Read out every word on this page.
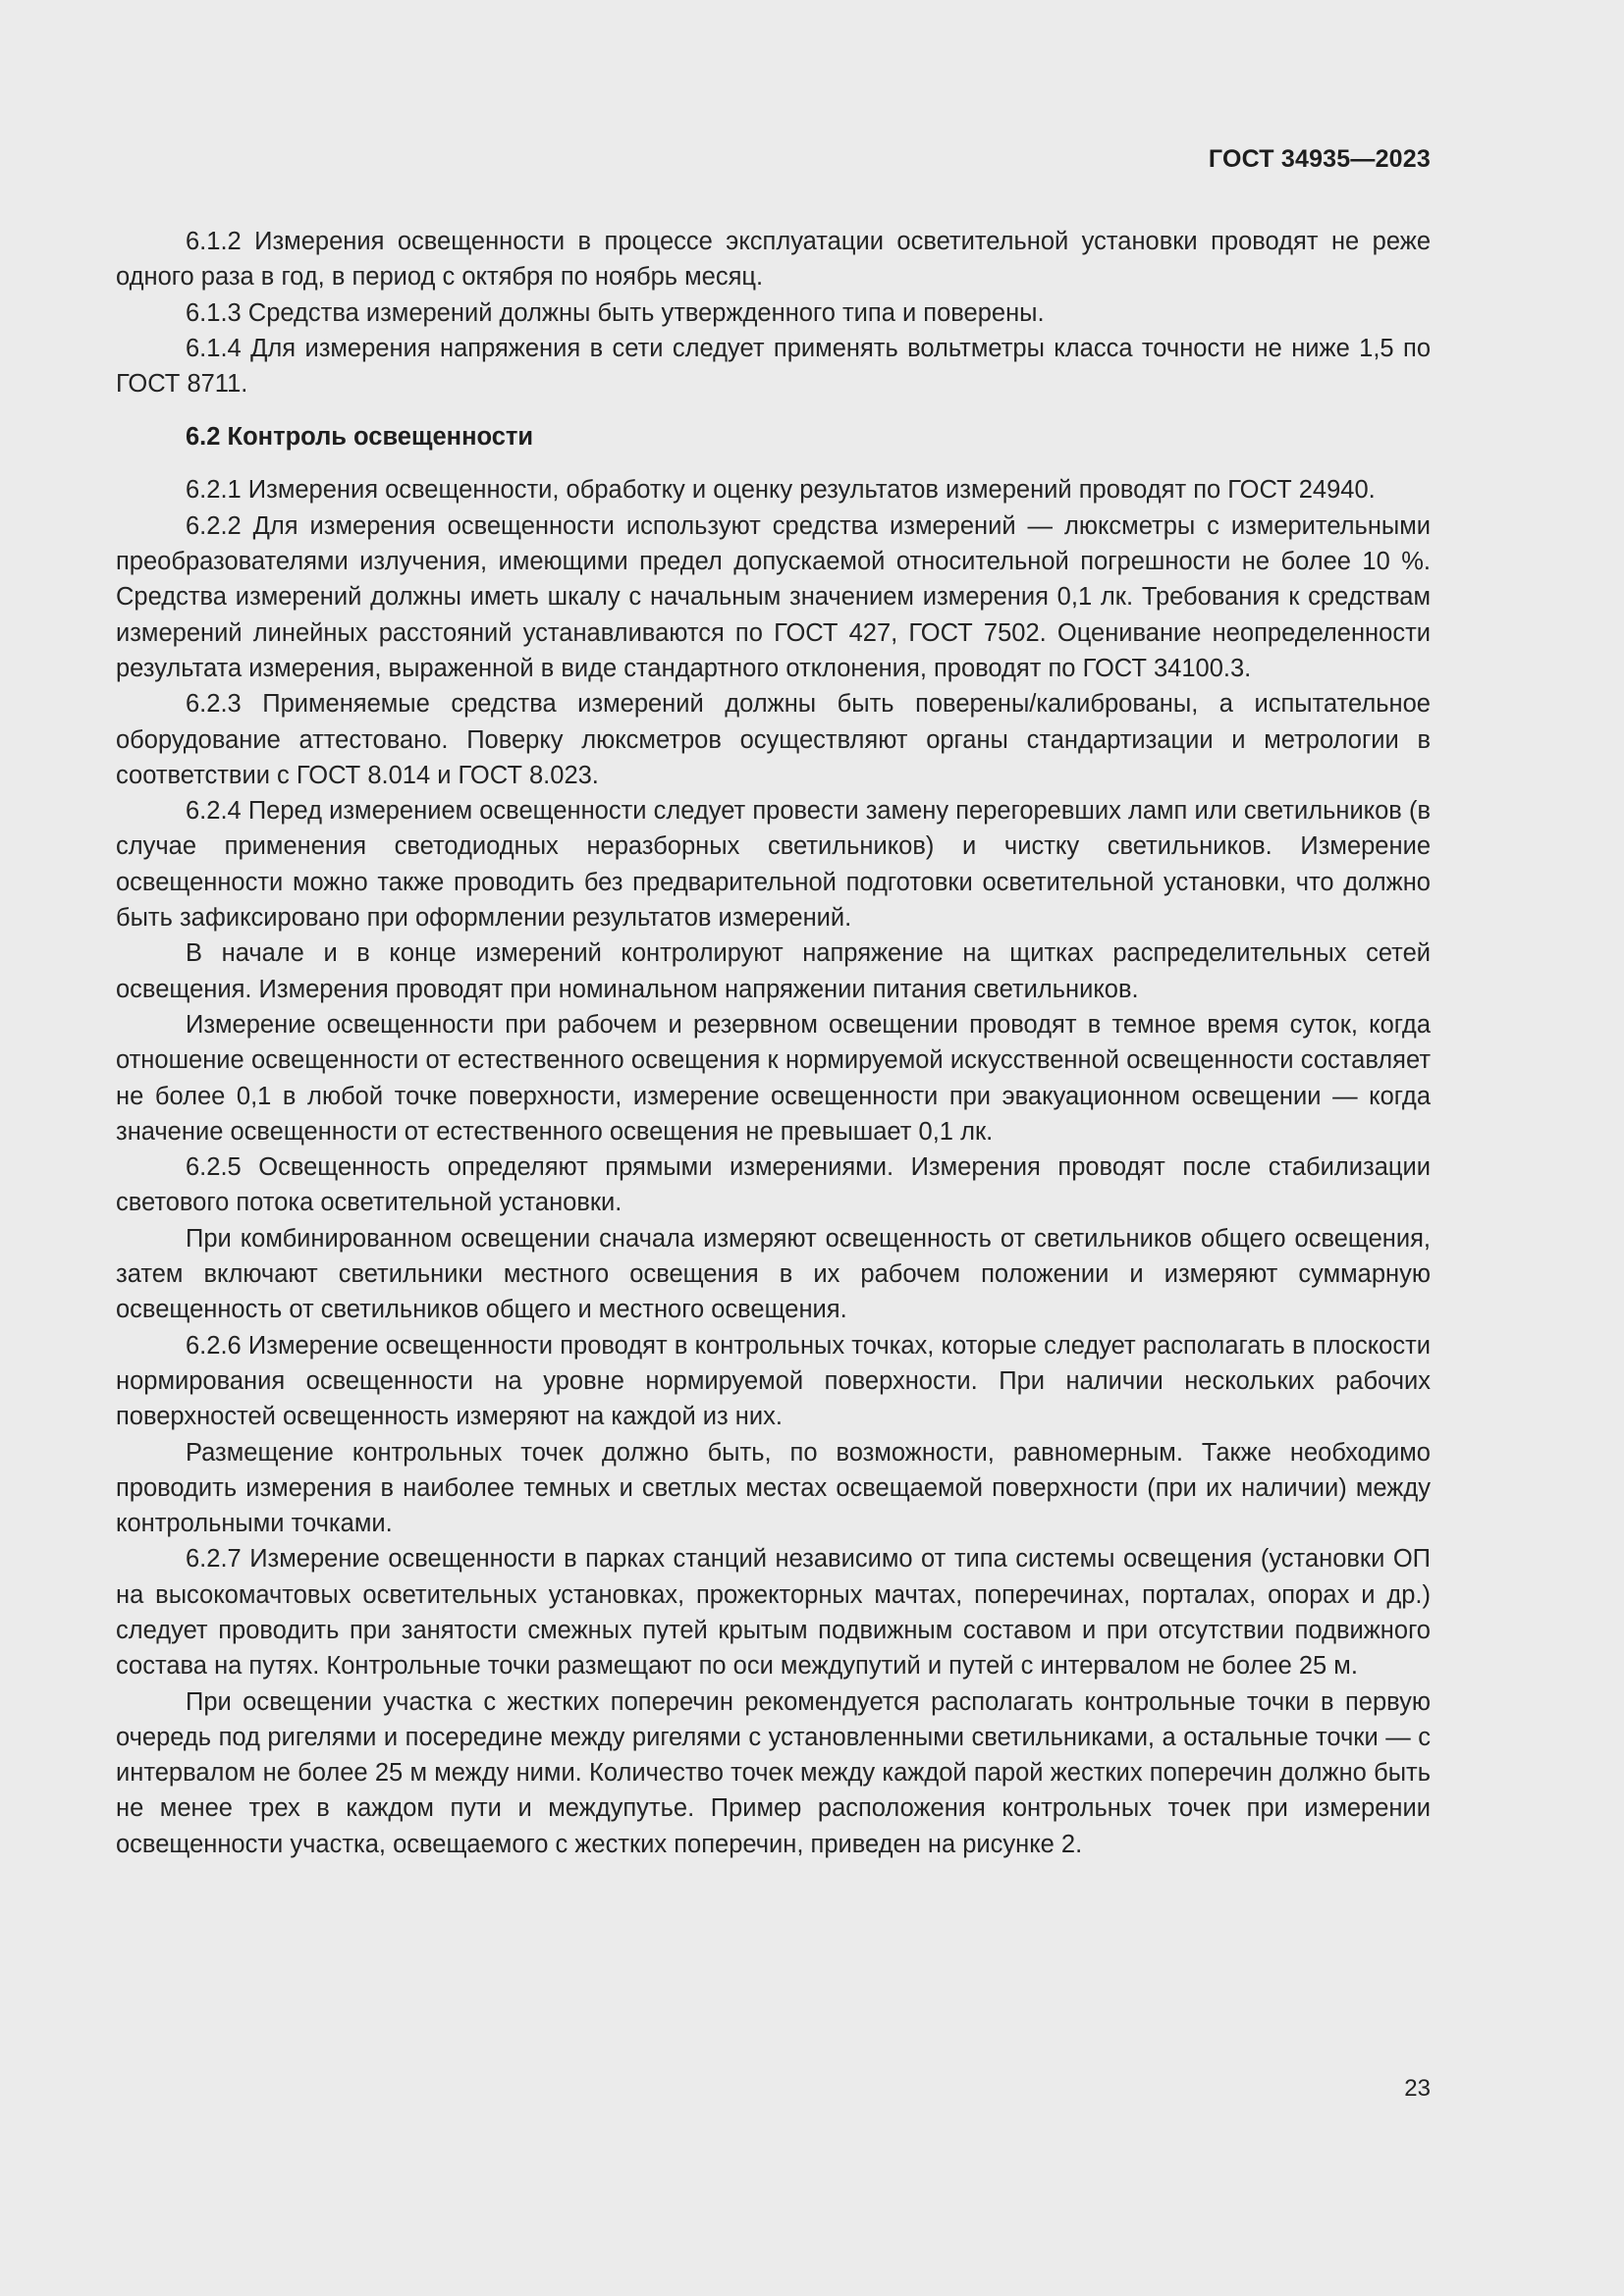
ГОСТ 34935—2023

6.1.2 Измерения освещенности в процессе эксплуатации осветительной установки проводят не реже одного раза в год, в период с октября по ноябрь месяц.

6.1.3 Средства измерений должны быть утвержденного типа и поверены.

6.1.4 Для измерения напряжения в сети следует применять вольтметры класса точности не ниже 1,5 по ГОСТ 8711.

6.2 Контроль освещенности

6.2.1 Измерения освещенности, обработку и оценку результатов измерений проводят по ГОСТ 24940.

6.2.2 Для измерения освещенности используют средства измерений — люксметры с измерительными преобразователями излучения, имеющими предел допускаемой относительной погрешности не более 10 %. Средства измерений должны иметь шкалу с начальным значением измерения 0,1 лк. Требования к средствам измерений линейных расстояний устанавливаются по ГОСТ 427, ГОСТ 7502. Оценивание неопределенности результата измерения, выраженной в виде стандартного отклонения, проводят по ГОСТ 34100.3.

6.2.3 Применяемые средства измерений должны быть поверены/калиброваны, а испытательное оборудование аттестовано. Поверку люксметров осуществляют органы стандартизации и метрологии в соответствии с ГОСТ 8.014 и ГОСТ 8.023.

6.2.4 Перед измерением освещенности следует провести замену перегоревших ламп или светильников (в случае применения светодиодных неразборных светильников) и чистку светильников. Измерение освещенности можно также проводить без предварительной подготовки осветительной установки, что должно быть зафиксировано при оформлении результатов измерений.

В начале и в конце измерений контролируют напряжение на щитках распределительных сетей освещения. Измерения проводят при номинальном напряжении питания светильников.

Измерение освещенности при рабочем и резервном освещении проводят в темное время суток, когда отношение освещенности от естественного освещения к нормируемой искусственной освещенности составляет не более 0,1 в любой точке поверхности, измерение освещенности при эвакуационном освещении — когда значение освещенности от естественного освещения не превышает 0,1 лк.

6.2.5 Освещенность определяют прямыми измерениями. Измерения проводят после стабилизации светового потока осветительной установки.

При комбинированном освещении сначала измеряют освещенность от светильников общего освещения, затем включают светильники местного освещения в их рабочем положении и измеряют суммарную освещенность от светильников общего и местного освещения.

6.2.6 Измерение освещенности проводят в контрольных точках, которые следует располагать в плоскости нормирования освещенности на уровне нормируемой поверхности. При наличии нескольких рабочих поверхностей освещенность измеряют на каждой из них.

Размещение контрольных точек должно быть, по возможности, равномерным. Также необходимо проводить измерения в наиболее темных и светлых местах освещаемой поверхности (при их наличии) между контрольными точками.

6.2.7 Измерение освещенности в парках станций независимо от типа системы освещения (установки ОП на высокомачтовых осветительных установках, прожекторных мачтах, поперечинах, порталах, опорах и др.) следует проводить при занятости смежных путей крытым подвижным составом и при отсутствии подвижного состава на путях. Контрольные точки размещают по оси междупутий и путей с интервалом не более 25 м.

При освещении участка с жестких поперечин рекомендуется располагать контрольные точки в первую очередь под ригелями и посередине между ригелями с установленными светильниками, а остальные точки — с интервалом не более 25 м между ними. Количество точек между каждой парой жестких поперечин должно быть не менее трех в каждом пути и междупутье. Пример расположения контрольных точек при измерении освещенности участка, освещаемого с жестких поперечин, приведен на рисунке 2.

23
